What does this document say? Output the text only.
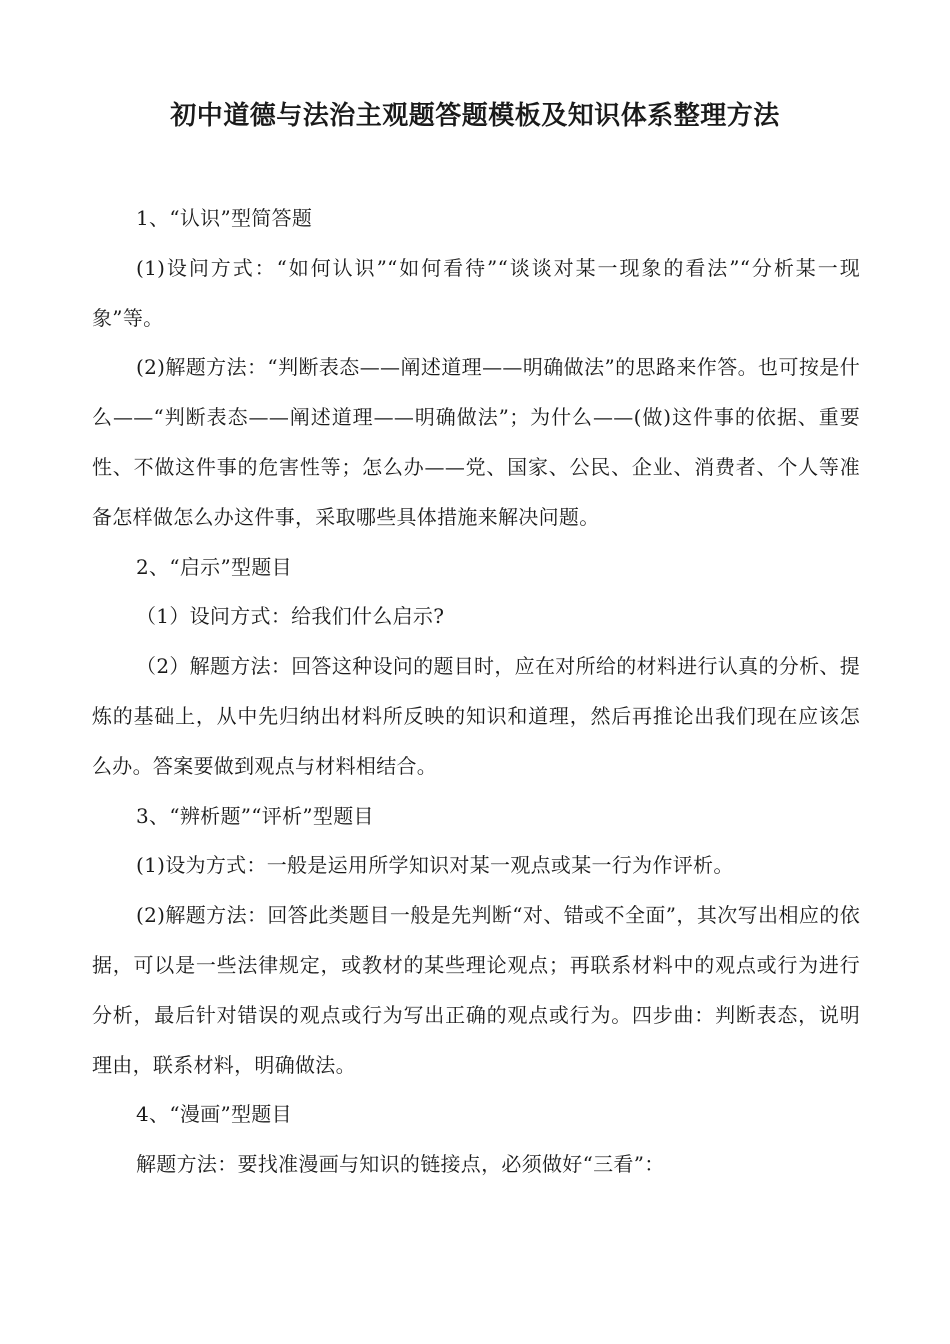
初中道德与法治主观题答题模板及知识体系整理方法

1、“认识”型简答题

(1)设问方式：“如何认识”“如何看待”“谈谈对某一现象的看法”“分析某一现象”等。

(2)解题方法：“判断表态——阐述道理——明确做法”的思路来作答。也可按是什么——“判断表态——阐述道理——明确做法”；为什么——(做)这件事的依据、重要性、不做这件事的危害性等；怎么办——党、国家、公民、企业、消费者、个人等准备怎样做怎么办这件事，采取哪些具体措施来解决问题。

2、“启示”型题目

（1）设问方式：给我们什么启示?

（2）解题方法：回答这种设问的题目时，应在对所给的材料进行认真的分析、提炼的基础上，从中先归纳出材料所反映的知识和道理，然后再推论出我们现在应该怎么办。答案要做到观点与材料相结合。

3、“辨析题”“评析”型题目

(1)设为方式：一般是运用所学知识对某一观点或某一行为作评析。

(2)解题方法：回答此类题目一般是先判断“对、错或不全面”，其次写出相应的依据，可以是一些法律规定，或教材的某些理论观点；再联系材料中的观点或行为进行分析，最后针对错误的观点或行为写出正确的观点或行为。四步曲：判断表态，说明理由，联系材料，明确做法。

4、“漫画”型题目

解题方法：要找准漫画与知识的链接点，必须做好“三看”：
